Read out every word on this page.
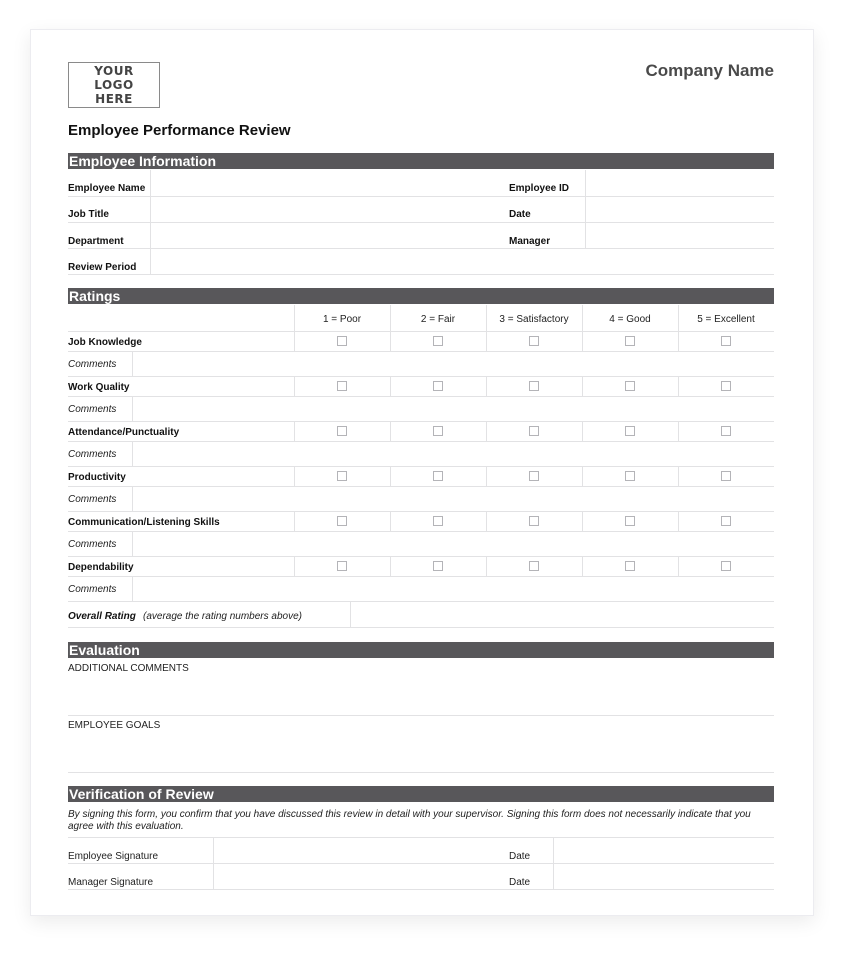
YOUR LOGO HERE
Company Name
Employee Performance Review
Employee Information
Employee Name	Employee ID
Job Title	Date
Department	Manager
Review Period
Ratings
1 = Poor	2 = Fair	3 = Satisfactory	4 = Good	5 = Excellent
Job Knowledge
Comments
Work Quality
Comments
Attendance/Punctuality
Comments
Productivity
Comments
Communication/Listening Skills
Comments
Dependability
Comments
Overall Rating (average the rating numbers above)
Evaluation
ADDITIONAL COMMENTS
EMPLOYEE GOALS
Verification of Review
By signing this form, you confirm that you have discussed this review in detail with your supervisor. Signing this form does not necessarily indicate that you agree with this evaluation.
Employee Signature	Date
Manager Signature	Date
